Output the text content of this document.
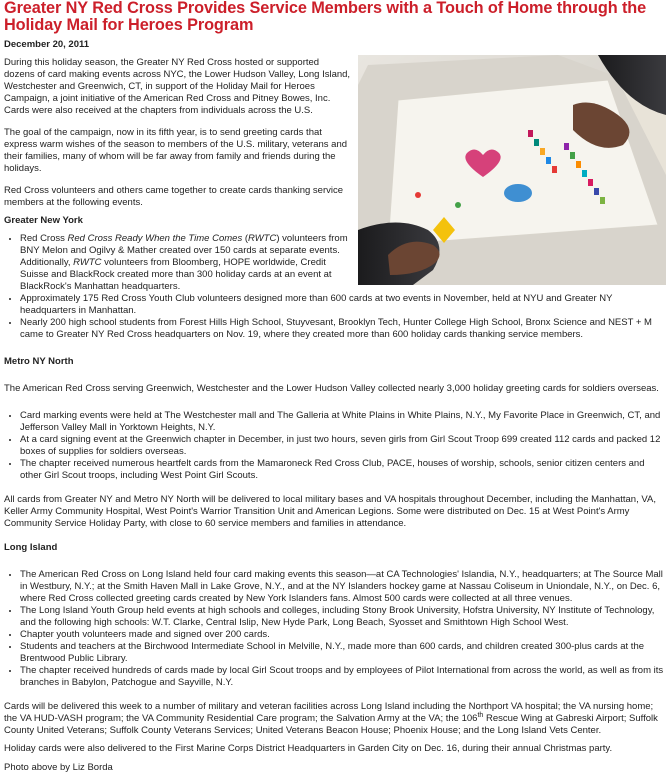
Greater NY Red Cross Provides Service Members with a Touch of Home through the Holiday Mail for Heroes Program
December 20, 2011

During this holiday season, the Greater NY Red Cross hosted or supported dozens of card making events across NYC, the Lower Hudson Valley, Long Island, Westchester and Greenwich, CT, in support of the Holiday Mail for Heroes Campaign, a joint initiative of the American Red Cross and Pitney Bowes, Inc. Cards were also received at the chapters from individuals across the U.S.

The goal of the campaign, now in its fifth year, is to send greeting cards that express warm wishes of the season to members of the U.S. military, veterans and their families, many of whom will be far away from family and friends during the holidays.

Red Cross volunteers and others came together to create cards thanking service members at the following events.

Greater New York
• Red Cross Red Cross Ready When the Time Comes (RWTC) volunteers from BNY Melon and Ogilvy & Mather created over 150 cards at separate events. Additionally, RWTC volunteers from Bloomberg, HOPE worldwide, Credit Suisse and BlackRock created more than 300 holiday cards at an event at BlackRock's Manhattan headquarters.
• Approximately 175 Red Cross Youth Club volunteers designed more than 600 cards at two events in November, held at NYU and Greater NY headquarters in Manhattan.
• Nearly 200 high school students from Forest Hills High School, Stuyvesant, Brooklyn Tech, Hunter College High School, Bronx Science and NEST + M came to Greater NY Red Cross headquarters on Nov. 19, where they created more than 600 holiday cards thanking service members.
Metro NY North

The American Red Cross serving Greenwich, Westchester and the Lower Hudson Valley collected nearly 3,000 holiday greeting cards for soldiers overseas.

• Card marking events were held at The Westchester mall and The Galleria at White Plains in White Plains, N.Y., My Favorite Place in Greenwich, CT, and Jefferson Valley Mall in Yorktown Heights, N.Y.
• At a card signing event at the Greenwich chapter in December, in just two hours, seven girls from Girl Scout Troop 699 created 112 cards and packed 12 boxes of supplies for soldiers overseas.
• The chapter received numerous heartfelt cards from the Mamaroneck Red Cross Club, PACE, houses of worship, schools, senior citizen centers and other Girl Scout troops, including West Point Girl Scouts.

All cards from Greater NY and Metro NY North will be delivered to local military bases and VA hospitals throughout December, including the Manhattan, VA, Keller Army Community Hospital, West Point's Warrior Transition Unit and American Legions. Some were distributed on Dec. 15 at West Point's Army Community Service Holiday Party, with close to 60 service members and families in attendance.

Long Island
• The American Red Cross on Long Island held four card making events this season—at CA Technologies' Islandia, N.Y., headquarters; at The Source Mall in Westbury, N.Y.; at the Smith Haven Mall in Lake Grove, N.Y., and at the NY Islanders hockey game at Nassau Coliseum in Uniondale, N.Y., on Dec. 6, where Red Cross collected greeting cards created by New York Islanders fans. Almost 500 cards were collected at all three venues.
• The Long Island Youth Group held events at high schools and colleges, including Stony Brook University, Hofstra University, NY Institute of Technology, and the following high schools: W.T. Clarke, Central Islip, New Hyde Park, Long Beach, Syosset and Smithtown High School West.
• Chapter youth volunteers made and signed over 200 cards.
• Students and teachers at the Birchwood Intermediate School in Melville, N.Y., made more than 600 cards, and children created 300-plus cards at the Brentwood Public Library.
• The chapter received hundreds of cards made by local Girl Scout troops and by employees of Pilot International from across the world, as well as from its branches in Babylon, Patchogue and Sayville, N.Y.

Cards will be delivered this week to a number of military and veteran facilities across Long Island including the Northport VA hospital; the VA nursing home; the VA HUD-VASH program; the VA Community Residential Care program; the Salvation Army at the VA; the 106th Rescue Wing at Gabreski Airport; Suffolk County United Veterans; Suffolk County Veterans Services; United Veterans Beacon House; Phoenix House; and the Long Island Vets Center.

Holiday cards were also delivered to the First Marine Corps District Headquarters in Garden City on Dec. 16, during their annual Christmas party.

Photo above by Liz Borda
